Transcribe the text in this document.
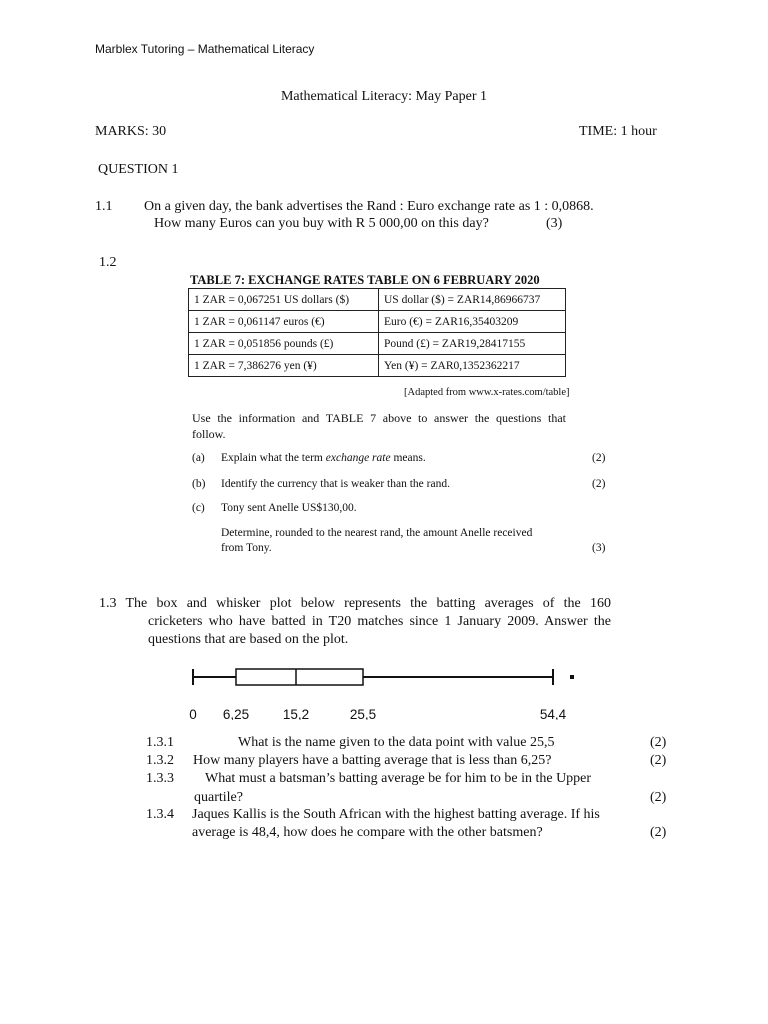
Marblex Tutoring – Mathematical Literacy
Mathematical Literacy: May Paper 1
MARKS: 30	TIME: 1 hour
QUESTION 1
1.1 On a given day, the bank advertises the Rand : Euro exchange rate as 1 : 0,0868.
How many Euros can you buy with R 5 000,00 on this day?	(3)
1.2
TABLE 7: EXCHANGE RATES TABLE ON 6 FEBRUARY 2020
1 ZAR = 0,067251 US dollars ($)	US dollar ($) = ZAR14,86966737
1 ZAR = 0,061147 euros (€)	Euro (€) = ZAR16,35403209
1 ZAR = 0,051856 pounds (£)	Pound (£) = ZAR19,28417155
1 ZAR = 7,386276 yen (¥)	Yen (¥) = ZAR0,1352362217
[Adapted from www.x-rates.com/table]
Use the information and TABLE 7 above to answer the questions that
follow.
(a) Explain what the term exchange rate means.	(2)
(b) Identify the currency that is weaker than the rand.	(2)
(c) Tony sent Anelle US$130,00.
Determine, rounded to the nearest rand, the amount Anelle received
from Tony.	(3)
1.3 The box and whisker plot below represents the batting averages of the 160
cricketers who have batted in T20 matches since 1 January 2009. Answer the
questions that are based on the plot.
0 6,25 15,2	25,5	54,4
1.3.1	What is the name given to the data point with value 25,5	(2)
1.3.2 How many players have a batting average that is less than 6,25?	(2)
1.3.3 What must a batsman’s batting average be for him to be in the Upper
quartile?	(2)
1.3.4 Jaques Kallis is the South African with the highest batting average. If his
average is 48,4, how does he compare with the other batsmen?	(2)
